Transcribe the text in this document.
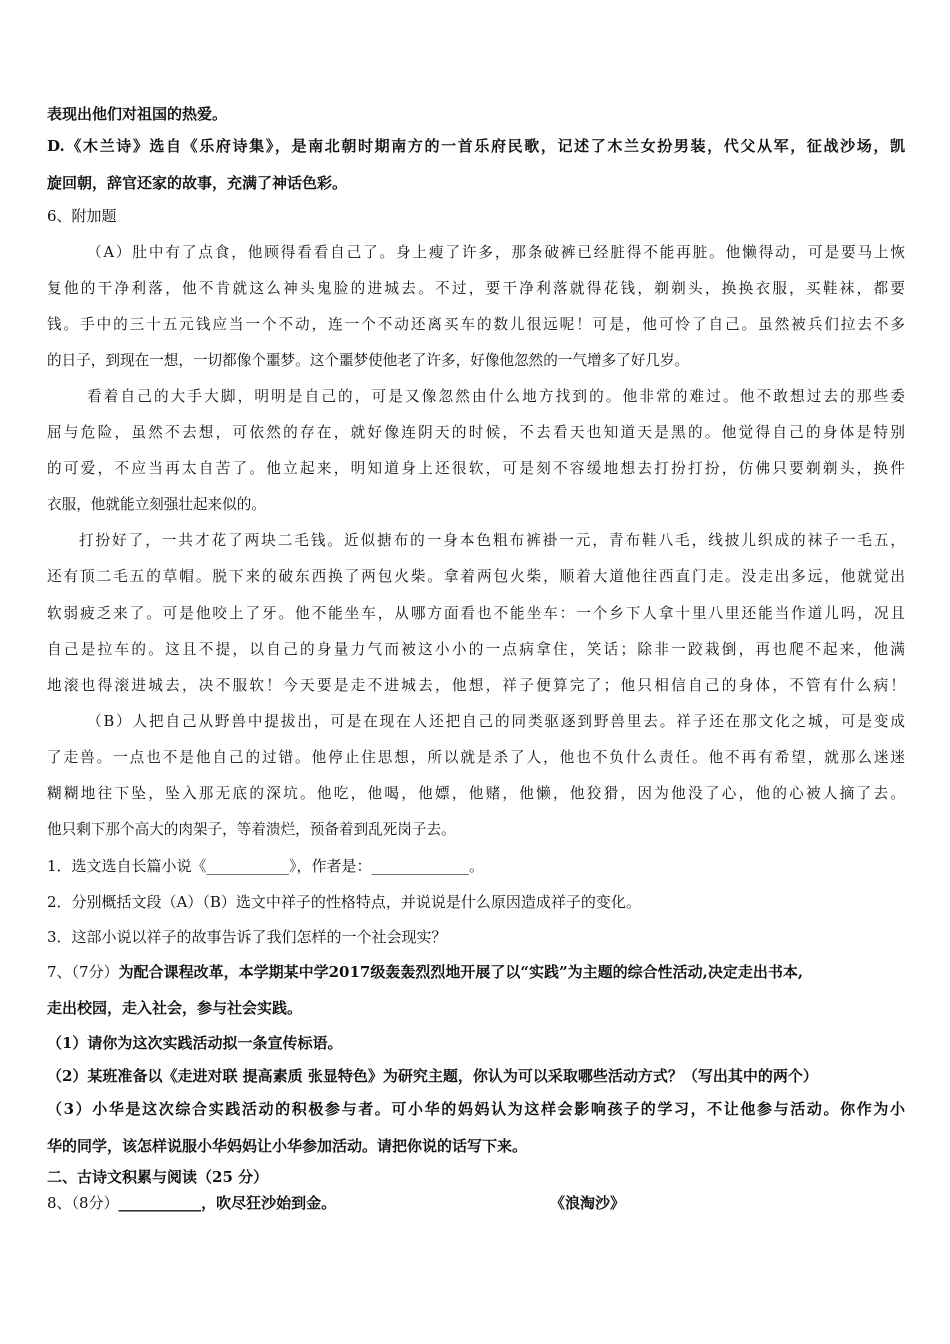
表现出他们对祖国的热爱。
D.《木兰诗》选自《乐府诗集》，是南北朝时期南方的一首乐府民歌，记述了木兰女扮男装，代父从军，征战沙场，凯
旋回朝，辞官还家的故事，充满了神话色彩。
6、附加题
（A）肚中有了点食，他顾得看看自己了。身上瘦了许多，那条破裤已经脏得不能再脏。他懒得动，可是要马上恢
复他的干净利落，他不肯就这么神头鬼脸的进城去。不过，要干净利落就得花钱，剃剃头，换换衣服，买鞋袜，都要
钱。手中的三十五元钱应当一个不动，连一个不动还离买车的数儿很远呢！可是，他可怜了自己。虽然被兵们拉去不多
的日子，到现在一想，一切都像个噩梦。这个噩梦使他老了许多，好像他忽然的一气增多了好几岁。
看着自己的大手大脚，明明是自己的，可是又像忽然由什么地方找到的。他非常的难过。他不敢想过去的那些委
屈与危险，虽然不去想，可依然的存在，就好像连阴天的时候，不去看天也知道天是黑的。他觉得自己的身体是特别
的可爱，不应当再太自苦了。他立起来，明知道身上还很软，可是刻不容缓地想去打扮打扮，仿佛只要剃剃头，换件
衣服，他就能立刻强壮起来似的。
打扮好了，一共才花了两块二毛钱。近似搪布的一身本色粗布裤褂一元，青布鞋八毛，线披儿织成的袜子一毛五，
还有顶二毛五的草帽。脱下来的破东西换了两包火柴。拿着两包火柴，顺着大道他往西直门走。没走出多远，他就觉出
软弱疲乏来了。可是他咬上了牙。他不能坐车，从哪方面看也不能坐车：一个乡下人拿十里八里还能当作道儿吗，况且
自己是拉车的。这且不提，以自己的身量力气而被这小小的一点病拿住，笑话；除非一跤栽倒，再也爬不起来，他满
地滚也得滚进城去，决不服软！今天要是走不进城去，他想，祥子便算完了；他只相信自己的身体，不管有什么病！
（B）人把自己从野兽中提拔出，可是在现在人还把自己的同类驱逐到野兽里去。祥子还在那文化之城，可是变成
了走兽。一点也不是他自己的过错。他停止住思想，所以就是杀了人，他也不负什么责任。他不再有希望，就那么迷迷
糊糊地往下坠，坠入那无底的深坑。他吃，他喝，他嫖，他赌，他懒，他狡猾，因为他没了心，他的心被人摘了去。
他只剩下那个高大的肉架子，等着溃烂，预备着到乱死岗子去。
1．选文选自长篇小说《___________》，作者是：_____________。
2．分别概括文段（A）（B）选文中祥子的性格特点，并说说是什么原因造成祥子的变化。
3．这部小说以祥子的故事告诉了我们怎样的一个社会现实？
7、（7分）为配合课程改革，本学期某中学2017级轰轰烈烈地开展了以“实践”为主题的综合性活动,决定走出书本,
走出校园，走入社会，参与社会实践。
（1）请你为这次实践活动拟一条宣传标语。
（2）某班准备以《走进对联 提高素质 张显特色》为研究主题，你认为可以采取哪些活动方式？（写出其中的两个）
（3）小华是这次综合实践活动的积极参与者。可小华的妈妈认为这样会影响孩子的学习，不让他参与活动。你作为小
华的同学，该怎样说服小华妈妈让小华参加活动。请把你说的话写下来。
二、古诗文积累与阅读（25 分）
8、（8分）___________，吹尽狂沙始到金。	《浪淘沙》
